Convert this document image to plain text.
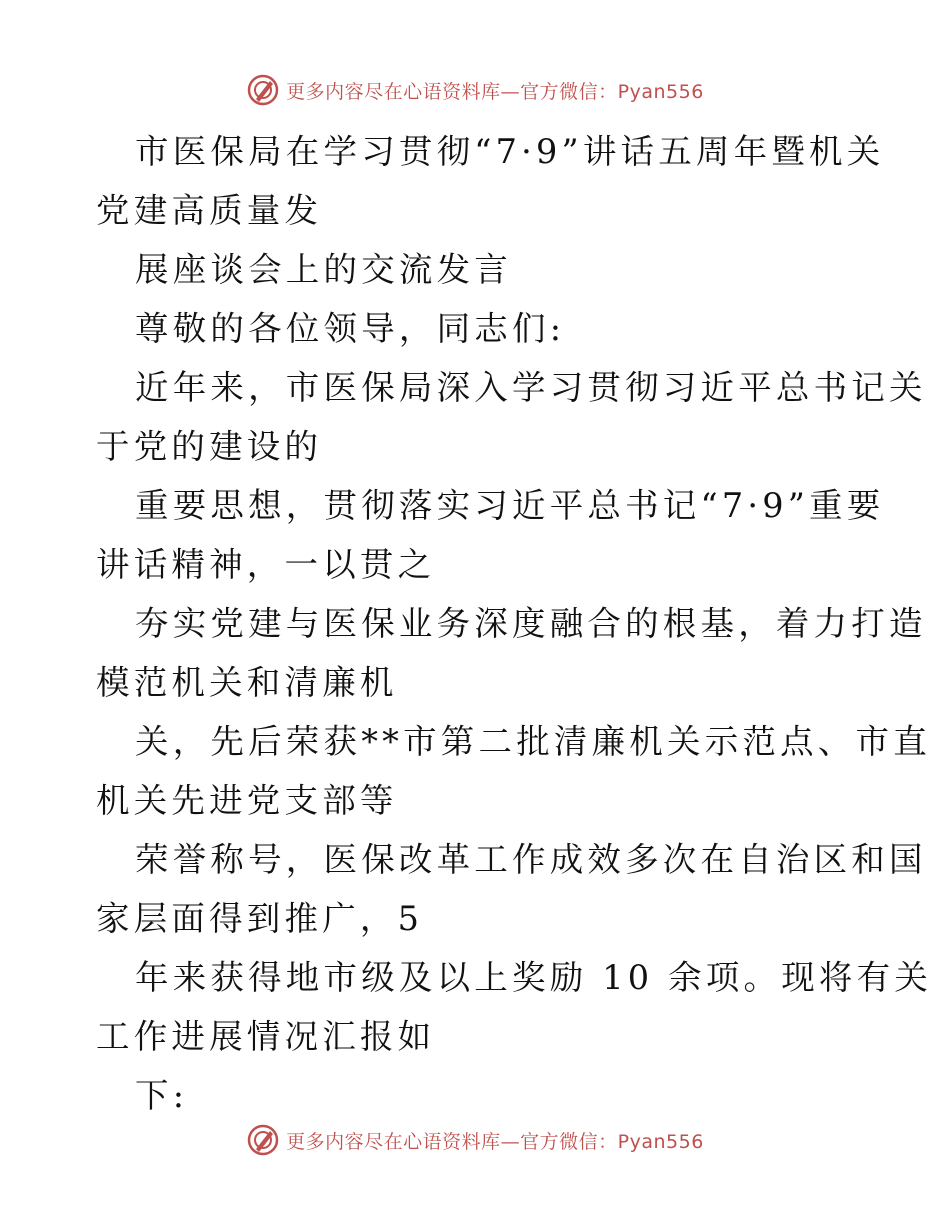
更多内容尽在心语资料库—官方微信：Pyan556
市医保局在学习贯彻“7·9”讲话五周年暨机关
党建高质量发
展座谈会上的交流发言
尊敬的各位领导，同志们:
近年来，市医保局深入学习贯彻习近平总书记关
于党的建设的
重要思想，贯彻落实习近平总书记“7·9”重要
讲话精神，一以贯之
夯实党建与医保业务深度融合的根基，着力打造
模范机关和清廉机
关，先后荣获**市第二批清廉机关示范点、市直
机关先进党支部等
荣誉称号，医保改革工作成效多次在自治区和国
家层面得到推广，5
年来获得地市级及以上奖励 10 余项。现将有关
工作进展情况汇报如
下:
更多内容尽在心语资料库—官方微信：Pyan556
